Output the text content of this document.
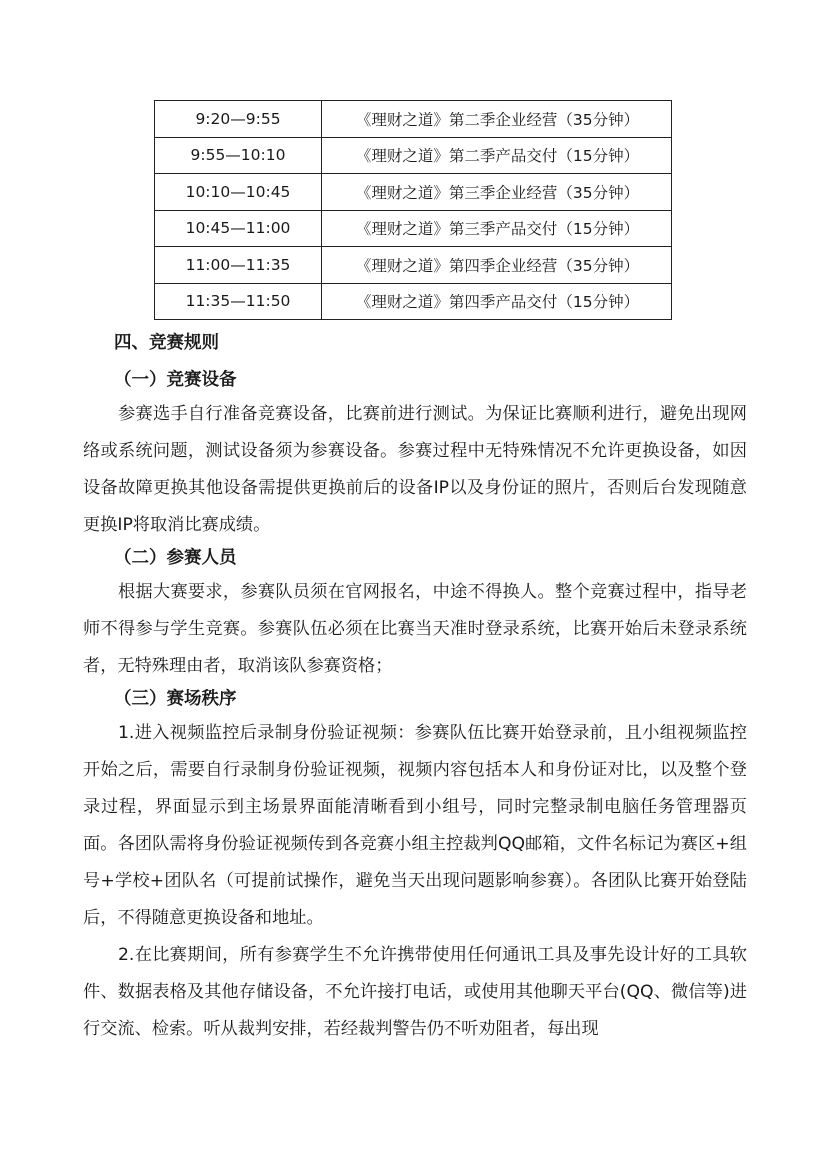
9:20—9:55	《理财之道》第二季企业经营（35分钟）
9:55—10:10	《理财之道》第二季产品交付（15分钟）
10:10—10:45	《理财之道》第三季企业经营（35分钟）
10:45—11:00	《理财之道》第三季产品交付（15分钟）
11:00—11:35	《理财之道》第四季企业经营（35分钟）
11:35—11:50	《理财之道》第四季产品交付（15分钟）
四、竞赛规则
（一）竞赛设备

参赛选手自行准备竞赛设备，比赛前进行测试。为保证比赛顺利进行，避免出现网络或系统问题，测试设备须为参赛设备。参赛过程中无特殊情况不允许更换设备，如因设备故障更换其他设备需提供更换前后的设备IP以及身份证的照片，否则后台发现随意更换IP将取消比赛成绩。

（二）参赛人员

根据大赛要求，参赛队员须在官网报名，中途不得换人。整个竞赛过程中，指导老师不得参与学生竞赛。参赛队伍必须在比赛当天准时登录系统，比赛开始后未登录系统者，无特殊理由者，取消该队参赛资格；

（三）赛场秩序

1.进入视频监控后录制身份验证视频：参赛队伍比赛开始登录前，且小组视频监控开始之后，需要自行录制身份验证视频，视频内容包括本人和身份证对比，以及整个登录过程，界面显示到主场景界面能清晰看到小组号，同时完整录制电脑任务管理器页面。各团队需将身份验证视频传到各竞赛小组主控裁判QQ邮箱，文件名标记为赛区+组号+学校+团队名（可提前试操作，避免当天出现问题影响参赛）。各团队比赛开始登陆后，不得随意更换设备和地址。

2.在比赛期间，所有参赛学生不允许携带使用任何通讯工具及事先设计好的工具软件、数据表格及其他存储设备，不允许接打电话，或使用其他聊天平台(QQ、微信等)进行交流、检索。听从裁判安排，若经裁判警告仍不听劝阻者，每出现
